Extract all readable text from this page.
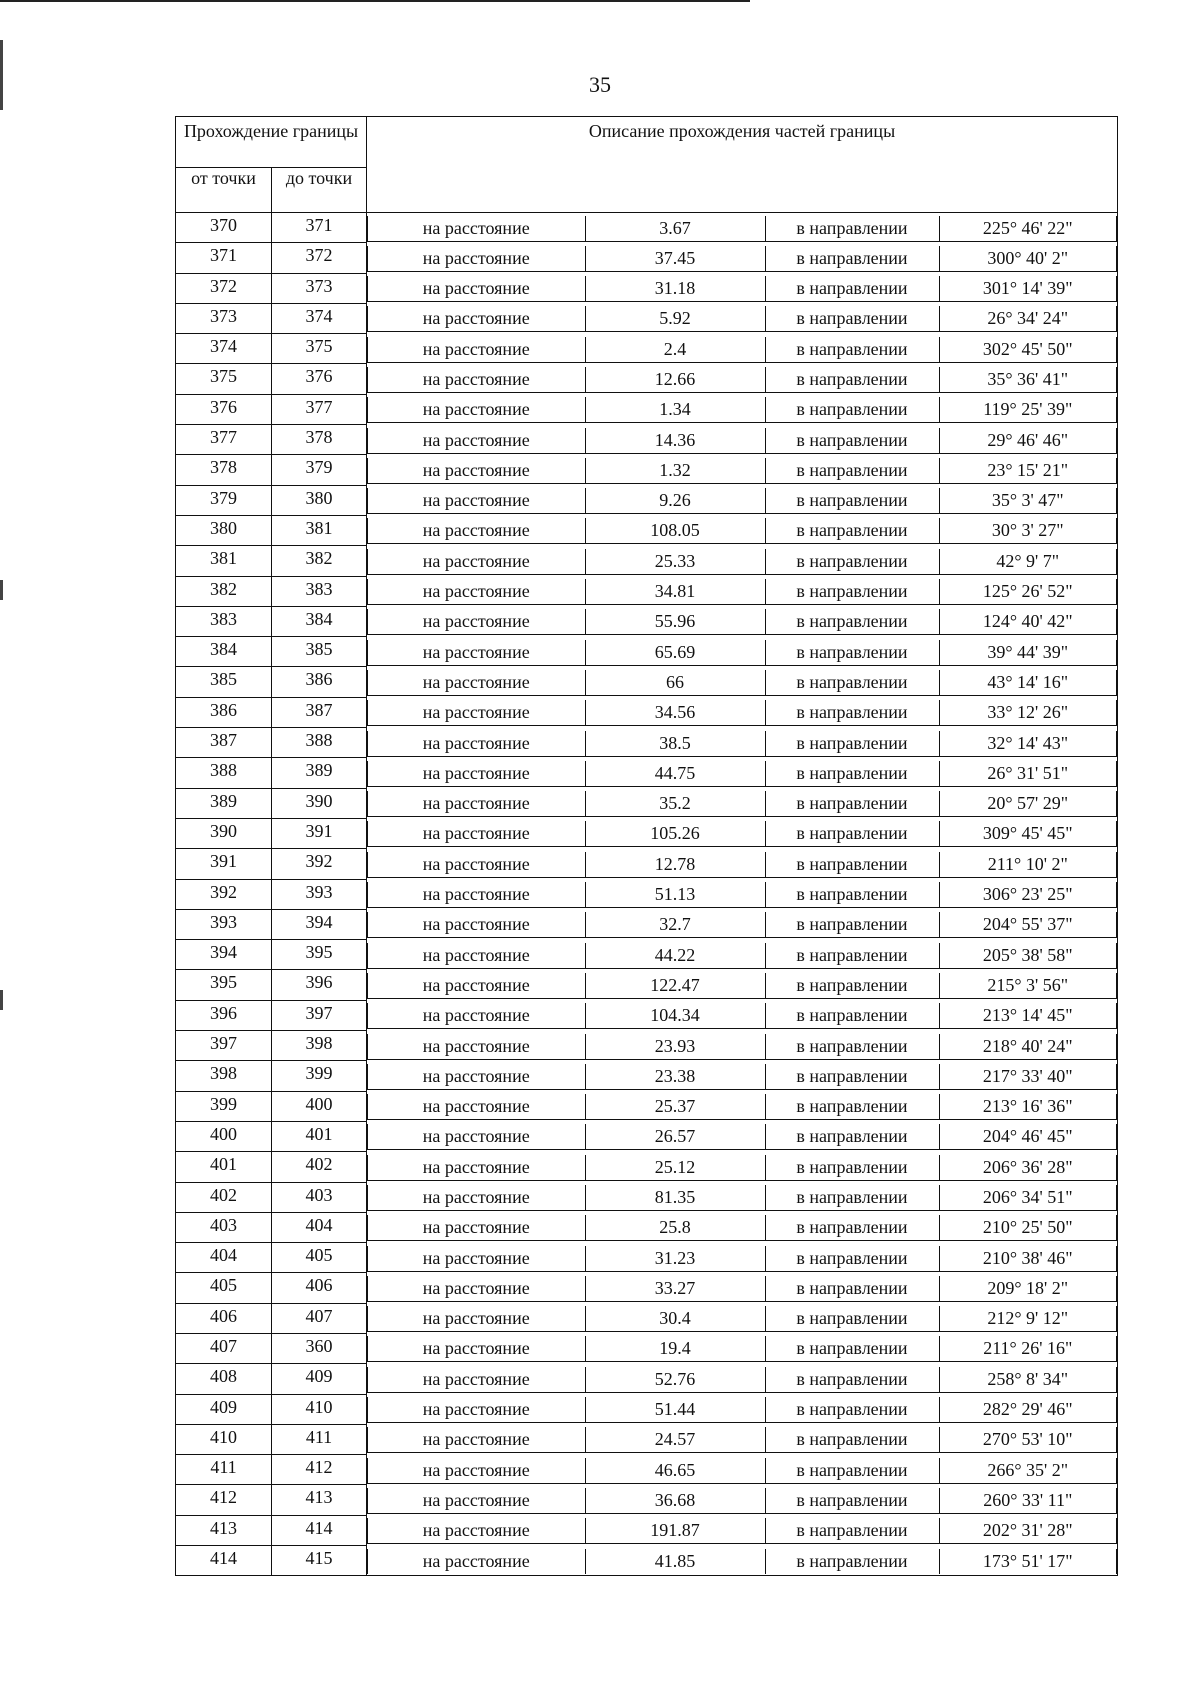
35
Прохождение границы		Описание прохождения частей границы			
от точки	до точки				
370	371	на расстояние	3.67	в направлении	225° 46' 22"

371	372	на расстояние	37.45	в направлении	300° 40' 2"

372	373	на расстояние	31.18	в направлении	301° 14' 39"

373	374	на расстояние	5.92	в направлении	26° 34' 24"

374	375	на расстояние	2.4	в направлении	302° 45' 50"

375	376	на расстояние	12.66	в направлении	35° 36' 41"

376	377	на расстояние	1.34	в направлении	119° 25' 39"

377	378	на расстояние	14.36	в направлении	29° 46' 46"

378	379	на расстояние	1.32	в направлении	23° 15' 21"

379	380	на расстояние	9.26	в направлении	35° 3' 47"

380	381	на расстояние	108.05	в направлении	30° 3' 27"

381	382	на расстояние	25.33	в направлении	42° 9' 7"

382	383	на расстояние	34.81	в направлении	125° 26' 52"

383	384	на расстояние	55.96	в направлении	124° 40' 42"

384	385	на расстояние	65.69	в направлении	39° 44' 39"

385	386	на расстояние	66	в направлении	43° 14' 16"

386	387	на расстояние	34.56	в направлении	33° 12' 26"

387	388	на расстояние	38.5	в направлении	32° 14' 43"

388	389	на расстояние	44.75	в направлении	26° 31' 51"

389	390	на расстояние	35.2	в направлении	20° 57' 29"

390	391	на расстояние	105.26	в направлении	309° 45' 45"

391	392	на расстояние	12.78	в направлении	211° 10' 2"

392	393	на расстояние	51.13	в направлении	306° 23' 25"

393	394	на расстояние	32.7	в направлении	204° 55' 37"

394	395	на расстояние	44.22	в направлении	205° 38' 58"

395	396	на расстояние	122.47	в направлении	215° 3' 56"

396	397	на расстояние	104.34	в направлении	213° 14' 45"

397	398	на расстояние	23.93	в направлении	218° 40' 24"

398	399	на расстояние	23.38	в направлении	217° 33' 40"

399	400	на расстояние	25.37	в направлении	213° 16' 36"

400	401	на расстояние	26.57	в направлении	204° 46' 45"

401	402	на расстояние	25.12	в направлении	206° 36' 28"

402	403	на расстояние	81.35	в направлении	206° 34' 51"

403	404	на расстояние	25.8	в направлении	210° 25' 50"

404	405	на расстояние	31.23	в направлении	210° 38' 46"

405	406	на расстояние	33.27	в направлении	209° 18' 2"

406	407	на расстояние	30.4	в направлении	212° 9' 12"

407	360	на расстояние	19.4	в направлении	211° 26' 16"

408	409	на расстояние	52.76	в направлении	258° 8' 34"

409	410	на расстояние	51.44	в направлении	282° 29' 46"

410	411	на расстояние	24.57	в направлении	270° 53' 10"

411	412	на расстояние	46.65	в направлении	266° 35' 2"

412	413	на расстояние	36.68	в направлении	260° 33' 11"

413	414	на расстояние	191.87	в направлении	202° 31' 28"

414	415	на расстояние	41.85	в направлении	173° 51' 17"
